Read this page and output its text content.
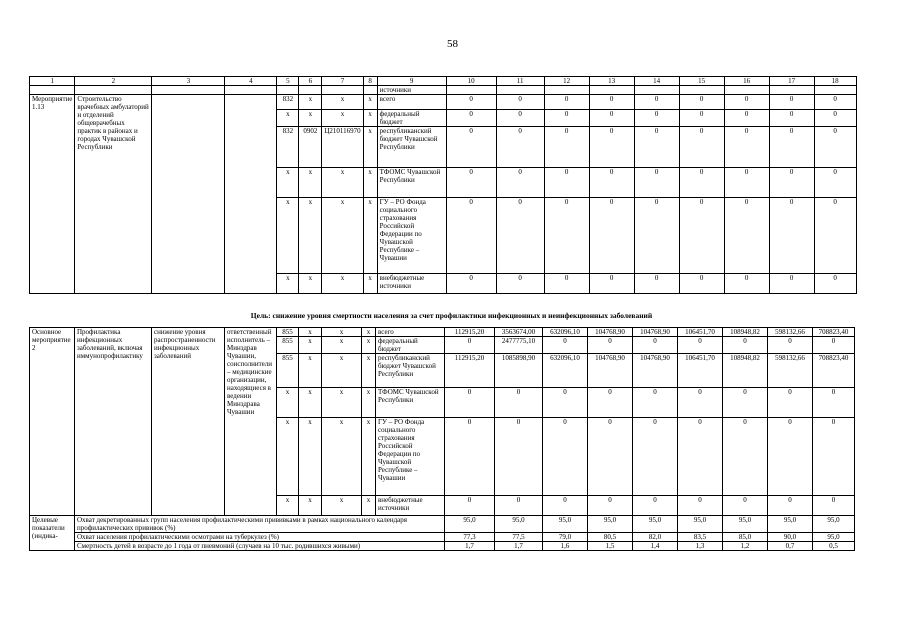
58
1	2	3	4	5	6	7	8	9	10	11	12	13	14	15	16	17	18
								источники									
Мероприятие 1.13	Строительство врачебных амбулаторий и отделений общеврачебных практик в районах и городах Чувашской Республики			832	x	x	x	всего	0	0	0	0	0	0	0	0	0
				x	x	x	x	федеральный бюджет	0	0	0	0	0	0	0	0	0
				832	0902	Ц210116970	x	республиканский бюджет Чувашской Республики	0	0	0	0	0	0	0	0	0
				x	x	x	x	ТФОМС Чувашской Республики	0	0	0	0	0	0	0	0	0
				x	x	x	x	ГУ – РО Фонда социального страхования Российской Федерации по Чувашской Республике – Чувашии	0	0	0	0	0	0	0	0	0
				x	x	x	x	внебюджетные источники	0	0	0	0	0	0	0	0	0
Цель: снижение уровня смертности населения за счет профилактики инфекционных и неинфекционных заболеваний
Основное мероприятие 2	Профилактика инфекционных заболеваний, включая иммунопрофилактику	снижение уровня распространенности инфекционных заболеваний	ответственный исполнитель – Минздрав Чувашии, соисполнители – медицинские организации, находящиеся в ведении Минздрава Чувашии	855	x	x	x	всего	112915,20	3563674,00	632096,10	104768,90	104768,90	106451,70	108948,82	598132,66	708823,40
				855	x	x	x	федеральный бюджет	0	2477775,10	0	0	0	0	0	0	0
				855	x	x	x	республиканский бюджет Чувашской Республики	112915,20	1085898,90	632096,10	104768,90	104768,90	106451,70	108948,82	598132,66	708823,40
				x	x	x	x	ТФОМС Чувашской Республики	0	0	0	0	0	0	0	0	0
				x	x	x	x	ГУ – РО Фонда социального страхования Российской Федерации по Чувашской Республике – Чувашии	0	0	0	0	0	0	0	0	0
				x	x	x	x	внебюджетные источники	0	0	0	0	0	0	0	0	0
Целевые показатели (индика-	Охват декретированных групп населения профилактическими прививками в рамках национального календаря профилактических прививок (%)								95,0	95,0	95,0	95,0	95,0	95,0	95,0	95,0	95,0
	Охват населения профилактическими осмотрами на туберкулез (%)								77,3	77,5	79,0	80,5	82,0	83,5	85,0	90,0	95,0
	Смертность детей в возрасте до 1 года от пневмоний (случаев на 10 тыс. родившихся живыми)								1,7	1,7	1,6	1,5	1,4	1,3	1,2	0,7	0,5
